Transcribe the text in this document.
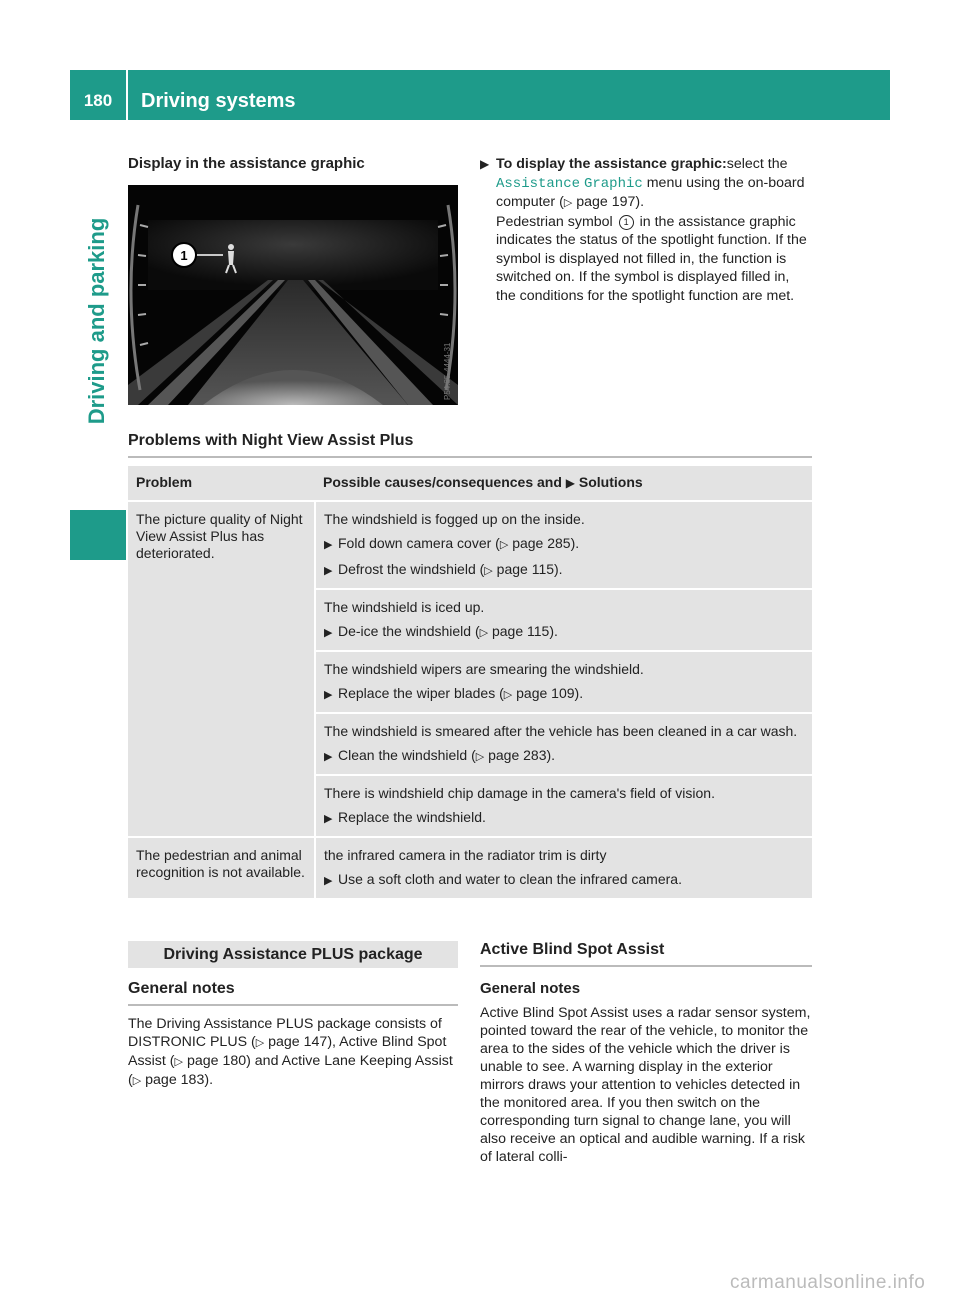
180	Driving systems
Driving and parking
Display in the assistance graphic
1
P54.35-4444-31
▶ To display the assistance graphic:select the Assistance Graphic menu using the on-board computer (▷ page 197).
Pedestrian symbol 1 in the assistance graphic indicates the status of the spotlight function. If the symbol is displayed not filled in, the function is switched on. If the symbol is displayed filled in, the conditions for the spotlight function are met.
Problems with Night View Assist Plus
Problem	Possible causes/consequences and ▶ Solutions
The picture quality of Night View Assist Plus has deteriorated.	The windshield is fogged up on the inside.
▶ Fold down camera cover (▷ page 285).
▶ Defrost the windshield (▷ page 115).

	The windshield is iced up.
▶ De-ice the windshield (▷ page 115).

	The windshield wipers are smearing the windshield.
▶ Replace the wiper blades (▷ page 109).

	The windshield is smeared after the vehicle has been cleaned in a car wash.
▶ Clean the windshield (▷ page 283).

	There is windshield chip damage in the camera's field of vision.
▶ Replace the windshield.

The pedestrian and animal recognition is not available.	the infrared camera in the radiator trim is dirty
▶ Use a soft cloth and water to clean the infrared camera.
Driving Assistance PLUS package
General notes
The Driving Assistance PLUS package consists of DISTRONIC PLUS (▷ page 147), Active Blind Spot Assist (▷ page 180) and Active Lane Keeping Assist (▷ page 183).
Active Blind Spot Assist
General notes
Active Blind Spot Assist uses a radar sensor system, pointed toward the rear of the vehicle, to monitor the area to the sides of the vehicle which the driver is unable to see. A warning display in the exterior mirrors draws your attention to vehicles detected in the monitored area. If you then switch on the corresponding turn signal to change lane, you will also receive an optical and audible warning. If a risk of lateral colli-
carmanualsonline.info
